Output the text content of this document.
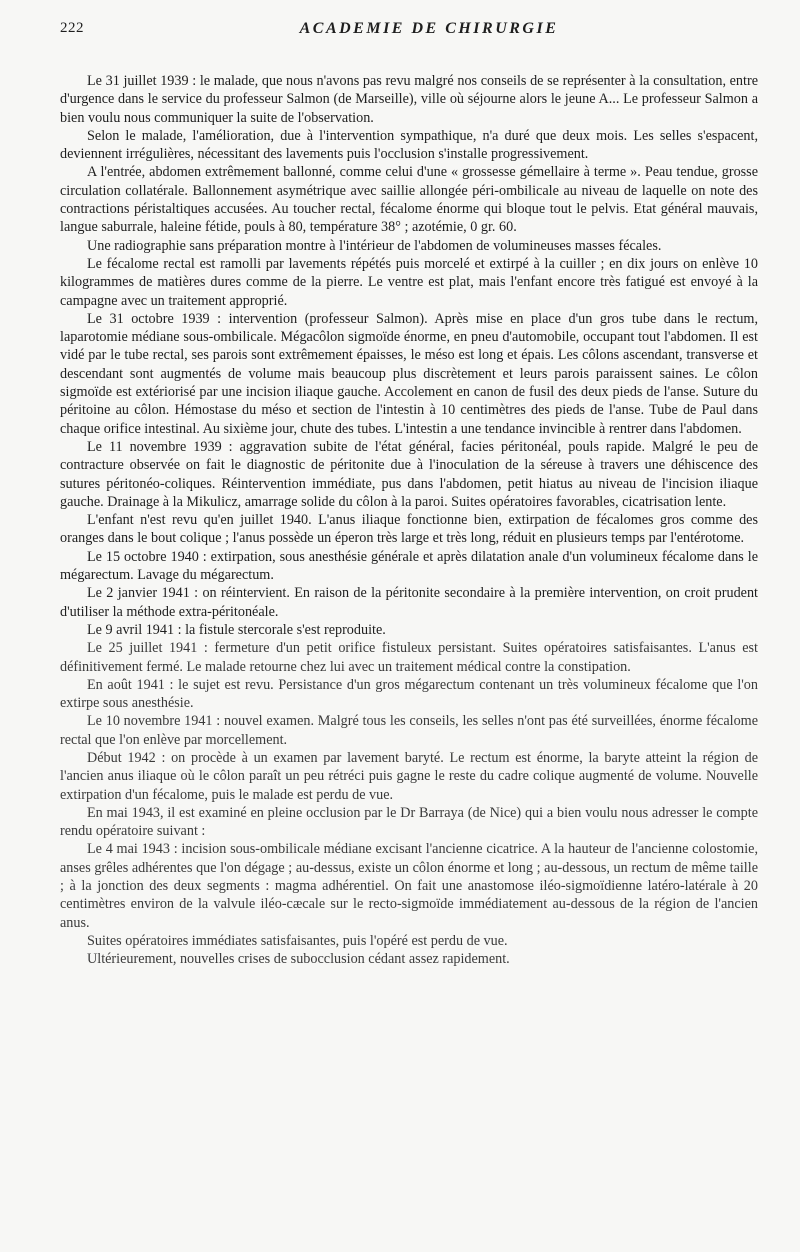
222	ACADEMIE DE CHIRURGIE

Le 31 juillet 1939 : le malade, que nous n'avons pas revu malgré nos conseils de se représenter à la consultation, entre d'urgence dans le service du professeur Salmon (de Marseille), ville où séjourne alors le jeune A... Le professeur Salmon a bien voulu nous communiquer la suite de l'observation.

Selon le malade, l'amélioration, due à l'intervention sympathique, n'a duré que deux mois. Les selles s'espacent, deviennent irrégulières, nécessitant des lavements puis l'occlusion s'installe progressivement.

A l'entrée, abdomen extrêmement ballonné, comme celui d'une « grossesse gémellaire à terme ». Peau tendue, grosse circulation collatérale. Ballonnement asymétrique avec saillie allongée péri-ombilicale au niveau de laquelle on note des contractions péristaltiques accusées. Au toucher rectal, fécalome énorme qui bloque tout le pelvis. Etat général mauvais, langue saburrale, haleine fétide, pouls à 80, température 38° ; azotémie, 0 gr. 60.

Une radiographie sans préparation montre à l'intérieur de l'abdomen de volumineuses masses fécales.

Le fécalome rectal est ramolli par lavements répétés puis morcelé et extirpé à la cuiller ; en dix jours on enlève 10 kilogrammes de matières dures comme de la pierre. Le ventre est plat, mais l'enfant encore très fatigué est envoyé à la campagne avec un traitement approprié.

Le 31 octobre 1939 : intervention (professeur Salmon). Après mise en place d'un gros tube dans le rectum, laparotomie médiane sous-ombilicale. Mégacôlon sigmoïde énorme, en pneu d'automobile, occupant tout l'abdomen. Il est vidé par le tube rectal, ses parois sont extrêmement épaisses, le méso est long et épais. Les côlons ascendant, transverse et descendant sont augmentés de volume mais beaucoup plus discrètement et leurs parois paraissent saines. Le côlon sigmoïde est extériorisé par une incision iliaque gauche. Accolement en canon de fusil des deux pieds de l'anse. Suture du péritoine au côlon. Hémostase du méso et section de l'intestin à 10 centimètres des pieds de l'anse. Tube de Paul dans chaque orifice intestinal. Au sixième jour, chute des tubes. L'intestin a une tendance invincible à rentrer dans l'abdomen.

Le 11 novembre 1939 : aggravation subite de l'état général, facies péritonéal, pouls rapide. Malgré le peu de contracture observée on fait le diagnostic de péritonite due à l'inoculation de la séreuse à travers une déhiscence des sutures péritonéo-coliques. Réintervention immédiate, pus dans l'abdomen, petit hiatus au niveau de l'incision iliaque gauche. Drainage à la Mikulicz, amarrage solide du côlon à la paroi. Suites opératoires favorables, cicatrisation lente.

L'enfant n'est revu qu'en juillet 1940. L'anus iliaque fonctionne bien, extirpation de fécalomes gros comme des oranges dans le bout colique ; l'anus possède un éperon très large et très long, réduit en plusieurs temps par l'entérotome.

Le 15 octobre 1940 : extirpation, sous anesthésie générale et après dilatation anale d'un volumineux fécalome dans le mégarectum. Lavage du mégarectum.

Le 2 janvier 1941 : on réintervient. En raison de la péritonite secondaire à la première intervention, on croit prudent d'utiliser la méthode extra-péritonéale.

Le 9 avril 1941 : la fistule stercorale s'est reproduite.

Le 25 juillet 1941 : fermeture d'un petit orifice fistuleux persistant. Suites opératoires satisfaisantes. L'anus est définitivement fermé. Le malade retourne chez lui avec un traitement médical contre la constipation.

En août 1941 : le sujet est revu. Persistance d'un gros mégarectum contenant un très volumineux fécalome que l'on extirpe sous anesthésie.

Le 10 novembre 1941 : nouvel examen. Malgré tous les conseils, les selles n'ont pas été surveillées, énorme fécalome rectal que l'on enlève par morcellement.

Début 1942 : on procède à un examen par lavement baryté. Le rectum est énorme, la baryte atteint la région de l'ancien anus iliaque où le côlon paraît un peu rétréci puis gagne le reste du cadre colique augmenté de volume. Nouvelle extirpation d'un fécalome, puis le malade est perdu de vue.

En mai 1943, il est examiné en pleine occlusion par le Dr Barraya (de Nice) qui a bien voulu nous adresser le compte rendu opératoire suivant :

Le 4 mai 1943 : incision sous-ombilicale médiane excisant l'ancienne cicatrice. A la hauteur de l'ancienne colostomie, anses grêles adhérentes que l'on dégage ; au-dessus, existe un côlon énorme et long ; au-dessous, un rectum de même taille ; à la jonction des deux segments : magma adhérentiel. On fait une anastomose iléo-sigmoïdienne latéro-latérale à 20 centimètres environ de la valvule iléo-cæcale sur le recto-sigmoïde immédiatement au-dessous de la région de l'ancien anus.

Suites opératoires immédiates satisfaisantes, puis l'opéré est perdu de vue.

Ultérieurement, nouvelles crises de subocclusion cédant assez rapidement.
